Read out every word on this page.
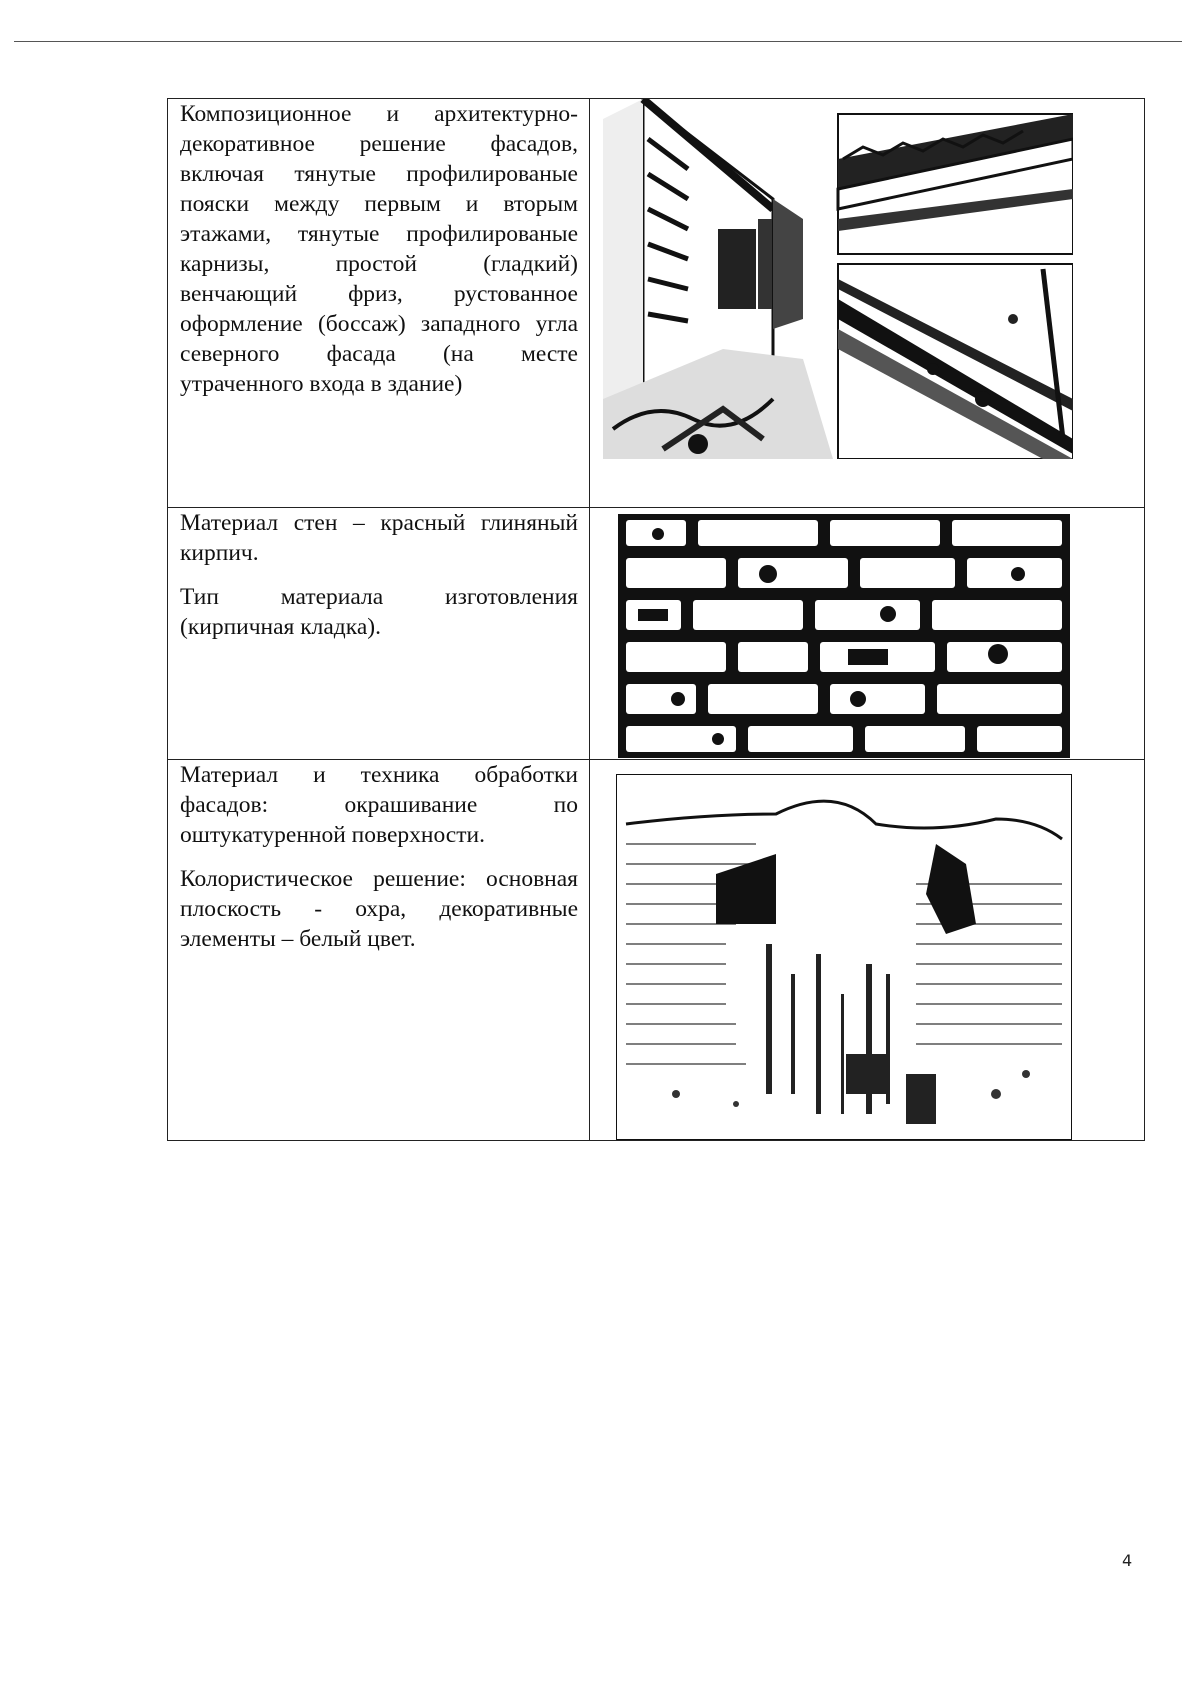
Композиционное и архитектурно-декоративное решение фасадов, включая тянутые профилированые пояски между первым и вторым этажами, тянутые профилированые карнизы, простой (гладкий) венчающий фриз, рустованное оформление (боссаж) западного угла северного фасада (на месте утраченного входа в здание)

Материал стен – красный глиняный кирпич.

Тип материала изготовления (кирпичная кладка).

Материал и техника обработки фасадов: окрашивание по оштукатуренной поверхности.

Колористическое решение: основная плоскость - охра, декоративные элементы – белый цвет.

4
